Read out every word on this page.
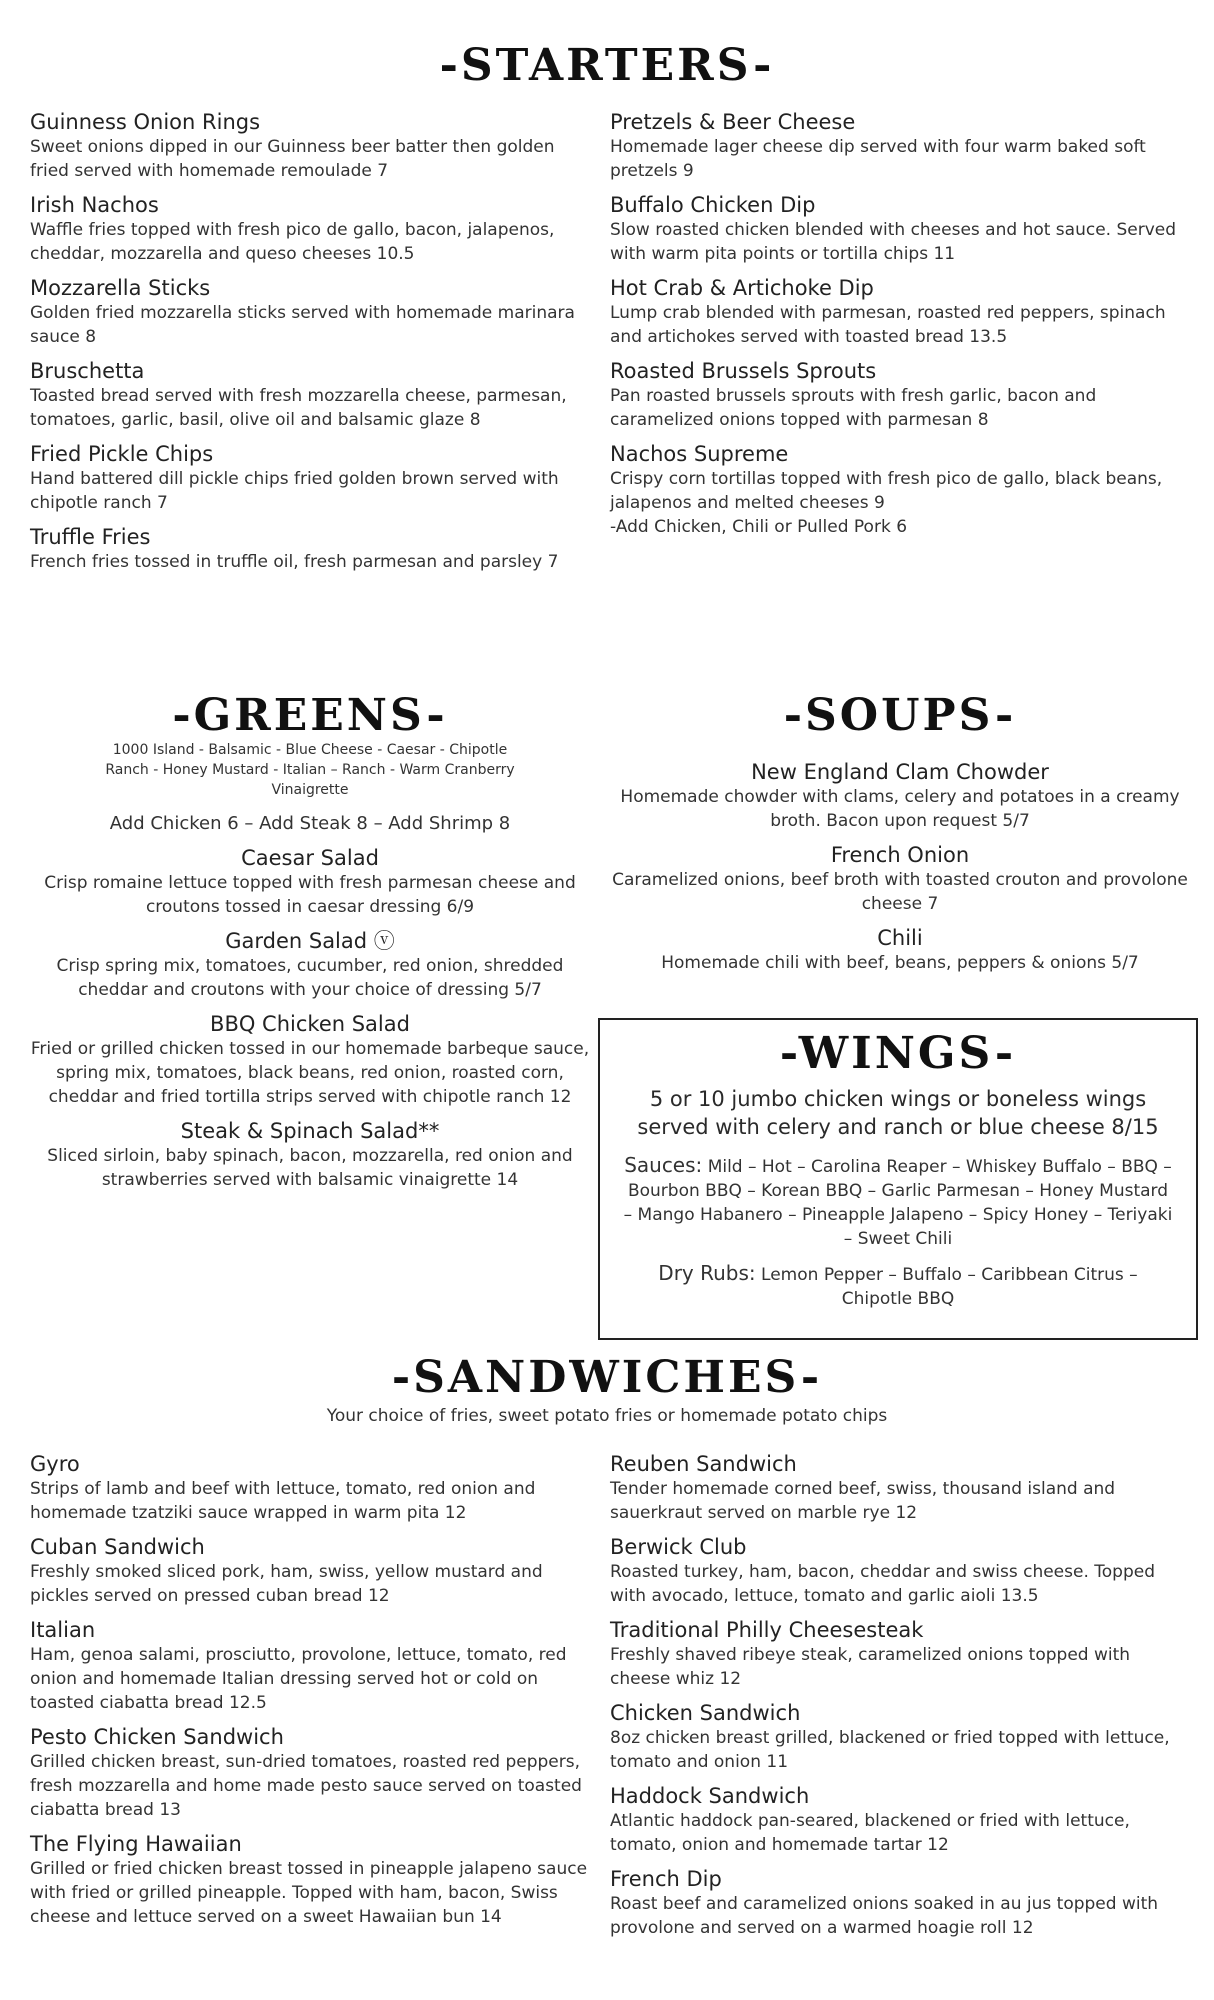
-STARTERS-
Guinness Onion Rings
Sweet onions dipped in our Guinness beer batter then golden fried served with homemade remoulade 7
Irish Nachos
Waffle fries topped with fresh pico de gallo, bacon, jalapenos, cheddar, mozzarella and queso cheeses 10.5
Mozzarella Sticks
Golden fried mozzarella sticks served with homemade marinara sauce 8
Bruschetta
Toasted bread served with fresh mozzarella cheese, parmesan, tomatoes, garlic, basil, olive oil and balsamic glaze 8
Fried Pickle Chips
Hand battered dill pickle chips fried golden brown served with chipotle ranch 7
Truffle Fries
French fries tossed in truffle oil, fresh parmesan and parsley 7
Pretzels & Beer Cheese
Homemade lager cheese dip served with four warm baked soft pretzels 9
Buffalo Chicken Dip
Slow roasted chicken blended with cheeses and hot sauce. Served with warm pita points or tortilla chips 11
Hot Crab & Artichoke Dip
Lump crab blended with parmesan, roasted red peppers, spinach and artichokes served with toasted bread 13.5
Roasted Brussels Sprouts
Pan roasted brussels sprouts with fresh garlic, bacon and caramelized onions topped with parmesan 8
Nachos Supreme
Crispy corn tortillas topped with fresh pico de gallo, black beans, jalapenos and melted cheeses 9
-Add Chicken, Chili or Pulled Pork 6
-GREENS-
1000 Island - Balsamic - Blue Cheese - Caesar - Chipotle Ranch - Honey Mustard - Italian – Ranch - Warm Cranberry Vinaigrette
Add Chicken 6 – Add Steak 8 – Add Shrimp 8
Caesar Salad
Crisp romaine lettuce topped with fresh parmesan cheese and croutons tossed in caesar dressing 6/9
Garden Salad ⓥ
Crisp spring mix, tomatoes, cucumber, red onion, shredded cheddar and croutons with your choice of dressing 5/7
BBQ Chicken Salad
Fried or grilled chicken tossed in our homemade barbeque sauce, spring mix, tomatoes, black beans, red onion, roasted corn, cheddar and fried tortilla strips served with chipotle ranch 12
Steak & Spinach Salad**
Sliced sirloin, baby spinach, bacon, mozzarella, red onion and strawberries served with balsamic vinaigrette 14
-SOUPS-
New England Clam Chowder
Homemade chowder with clams, celery and potatoes in a creamy broth. Bacon upon request 5/7
French Onion
Caramelized onions, beef broth with toasted crouton and provolone cheese 7
Chili
Homemade chili with beef, beans, peppers & onions 5/7
-WINGS-
5 or 10 jumbo chicken wings or boneless wings served with celery and ranch or blue cheese 8/15
Sauces: Mild – Hot – Carolina Reaper – Whiskey Buffalo – BBQ – Bourbon BBQ – Korean BBQ – Garlic Parmesan – Honey Mustard – Mango Habanero – Pineapple Jalapeno – Spicy Honey – Teriyaki – Sweet Chili
Dry Rubs: Lemon Pepper – Buffalo – Caribbean Citrus – Chipotle BBQ
-SANDWICHES-
Your choice of fries, sweet potato fries or homemade potato chips
Gyro
Strips of lamb and beef with lettuce, tomato, red onion and homemade tzatziki sauce wrapped in warm pita 12
Cuban Sandwich
Freshly smoked sliced pork, ham, swiss, yellow mustard and pickles served on pressed cuban bread 12
Italian
Ham, genoa salami, prosciutto, provolone, lettuce, tomato, red onion and homemade Italian dressing served hot or cold on toasted ciabatta bread 12.5
Pesto Chicken Sandwich
Grilled chicken breast, sun-dried tomatoes, roasted red peppers, fresh mozzarella and home made pesto sauce served on toasted ciabatta bread 13
The Flying Hawaiian
Grilled or fried chicken breast tossed in pineapple jalapeno sauce with fried or grilled pineapple. Topped with ham, bacon, Swiss cheese and lettuce served on a sweet Hawaiian bun 14
Reuben Sandwich
Tender homemade corned beef, swiss, thousand island and sauerkraut served on marble rye 12
Berwick Club
Roasted turkey, ham, bacon, cheddar and swiss cheese. Topped with avocado, lettuce, tomato and garlic aioli 13.5
Traditional Philly Cheesesteak
Freshly shaved ribeye steak, caramelized onions topped with cheese whiz 12
Chicken Sandwich
8oz chicken breast grilled, blackened or fried topped with lettuce, tomato and onion 11
Haddock Sandwich
Atlantic haddock pan-seared, blackened or fried with lettuce, tomato, onion and homemade tartar 12
French Dip
Roast beef and caramelized onions soaked in au jus topped with provolone and served on a warmed hoagie roll 12
